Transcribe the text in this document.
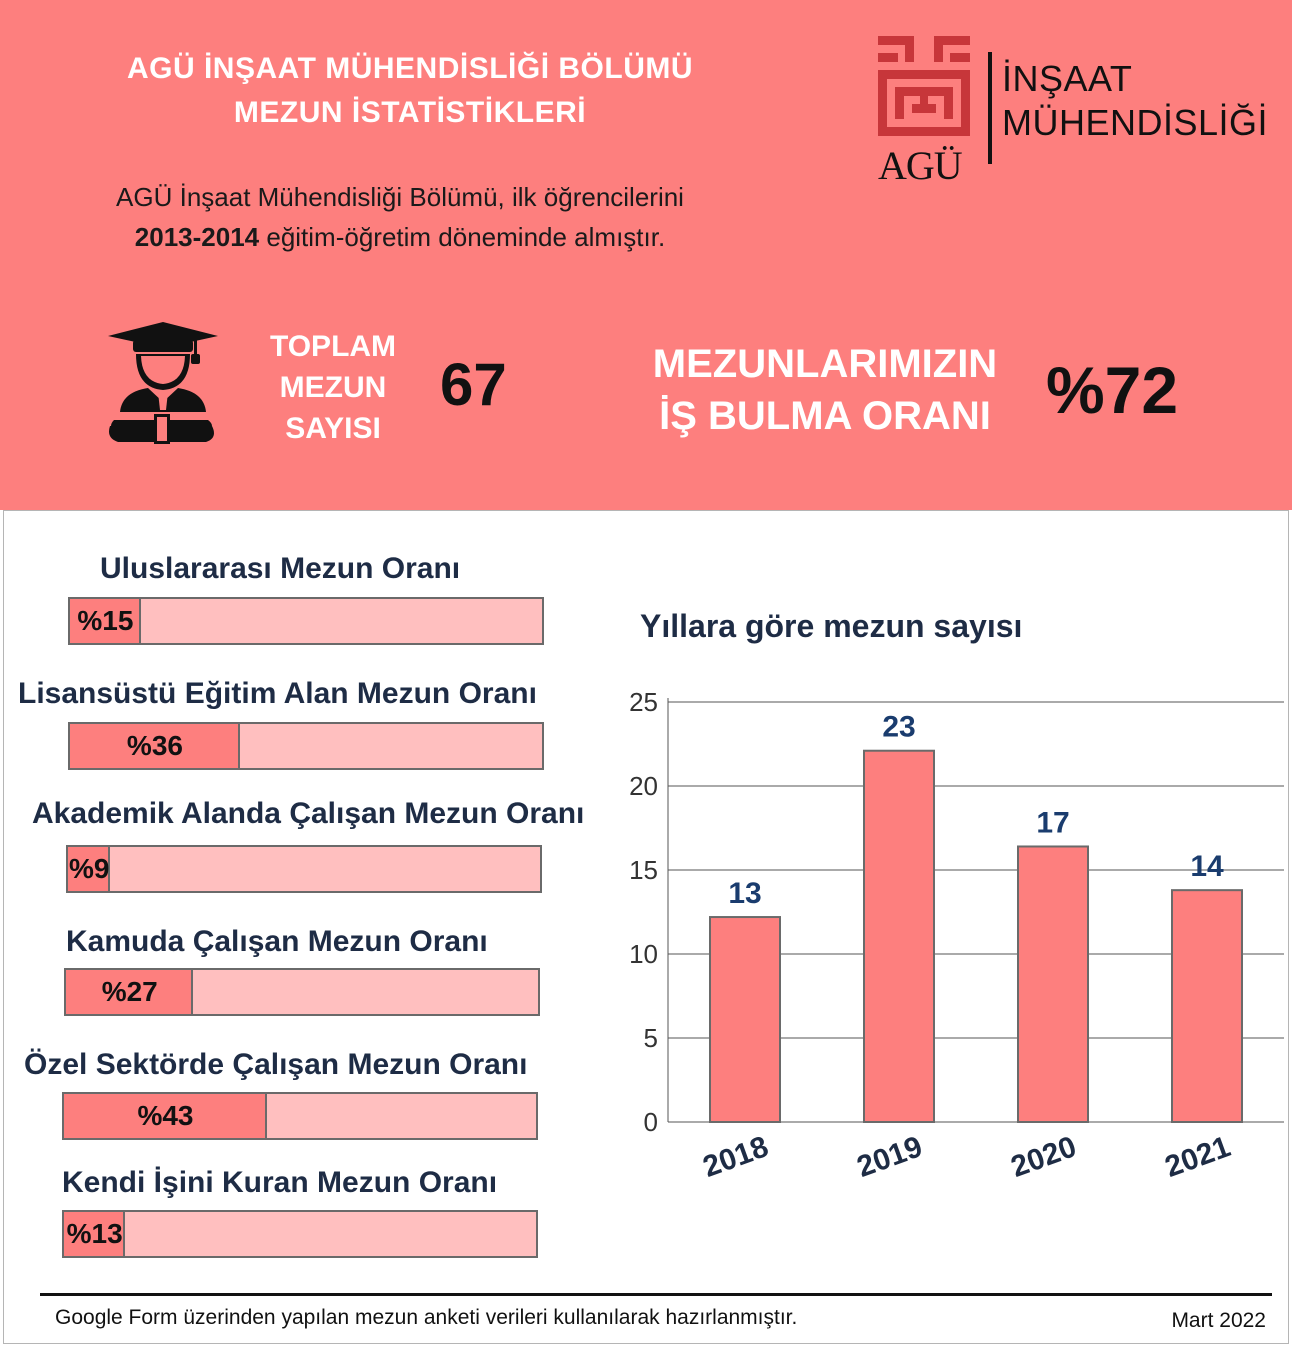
AGÜ İNŞAAT MÜHENDİSLİĞİ BÖLÜMÜ
MEZUN İSTATİSTİKLERİ
AGÜ İnşaat Mühendisliği Bölümü, ilk öğrencilerini
2013-2014 eğitim-öğretim döneminde almıştır.
AGÜ
İNŞAAT
MÜHENDİSLİĞİ
TOPLAM
MEZUN
SAYISI
67	MEZUNLARIMIZIN
İŞ BULMA ORANI %72
Uluslararası Mezun Oranı
%15
Lisansüstü Eğitim Alan Mezun Oranı
%36
Akademik Alanda Çalışan Mezun Oranı
%9
Kamuda Çalışan Mezun Oranı
%27
Özel Sektörde Çalışan Mezun Oranı
%43
Kendi İşini Kuran Mezun Oranı
%13
Yıllara göre mezun sayısı
0
5
10
15
20
25
13
2018
23
2019
17
2020
14
2021
Google Form üzerinden yapılan mezun anketi verileri kullanılarak hazırlanmıştır.	Mart 2022
